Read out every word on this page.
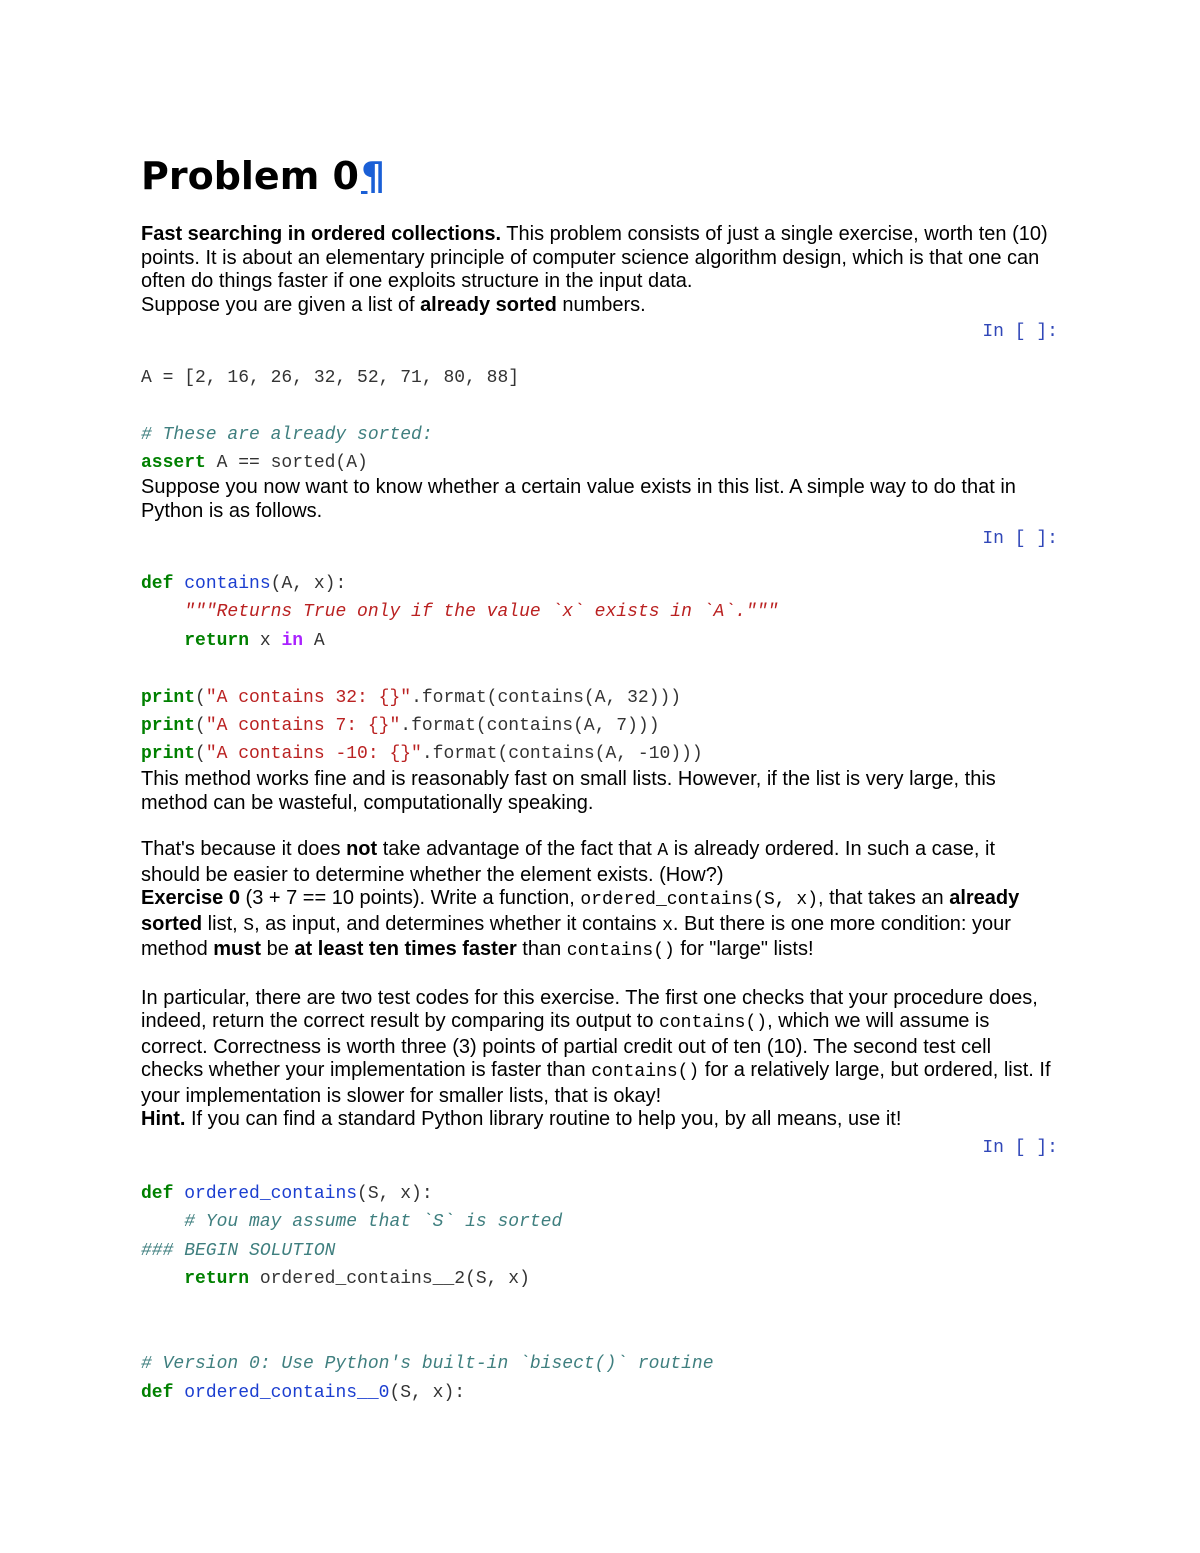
Problem 0¶
Fast searching in ordered collections. This problem consists of just a single exercise, worth ten (10) points. It is about an elementary principle of computer science algorithm design, which is that one can often do things faster if one exploits structure in the input data.
Suppose you are given a list of already sorted numbers.
In [ ]:
A = [2, 16, 26, 32, 52, 71, 80, 88]

# These are already sorted:
assert A == sorted(A)
Suppose you now want to know whether a certain value exists in this list. A simple way to do that in Python is as follows.
In [ ]:
def contains(A, x):
"""Returns True only if the value `x` exists in `A`."""
return x in A

print("A contains 32: {}".format(contains(A, 32)))
print("A contains 7: {}".format(contains(A, 7)))
print("A contains -10: {}".format(contains(A, -10)))
This method works fine and is reasonably fast on small lists. However, if the list is very large, this method can be wasteful, computationally speaking.
That's because it does not take advantage of the fact that A is already ordered. In such a case, it should be easier to determine whether the element exists. (How?)
Exercise 0 (3 + 7 == 10 points). Write a function, ordered_contains(S, x), that takes an already sorted list, S, as input, and determines whether it contains x. But there is one more condition: your method must be at least ten times faster than contains() for "large" lists!
In particular, there are two test codes for this exercise. The first one checks that your procedure does, indeed, return the correct result by comparing its output to contains(), which we will assume is correct. Correctness is worth three (3) points of partial credit out of ten (10). The second test cell checks whether your implementation is faster than contains() for a relatively large, but ordered, list. If your implementation is slower for smaller lists, that is okay!
Hint. If you can find a standard Python library routine to help you, by all means, use it!
In [ ]:
def ordered_contains(S, x):
# You may assume that `S` is sorted
### BEGIN SOLUTION
return ordered_contains__2(S, x)

# Version 0: Use Python's built-in `bisect()` routine
def ordered_contains__0(S, x):
